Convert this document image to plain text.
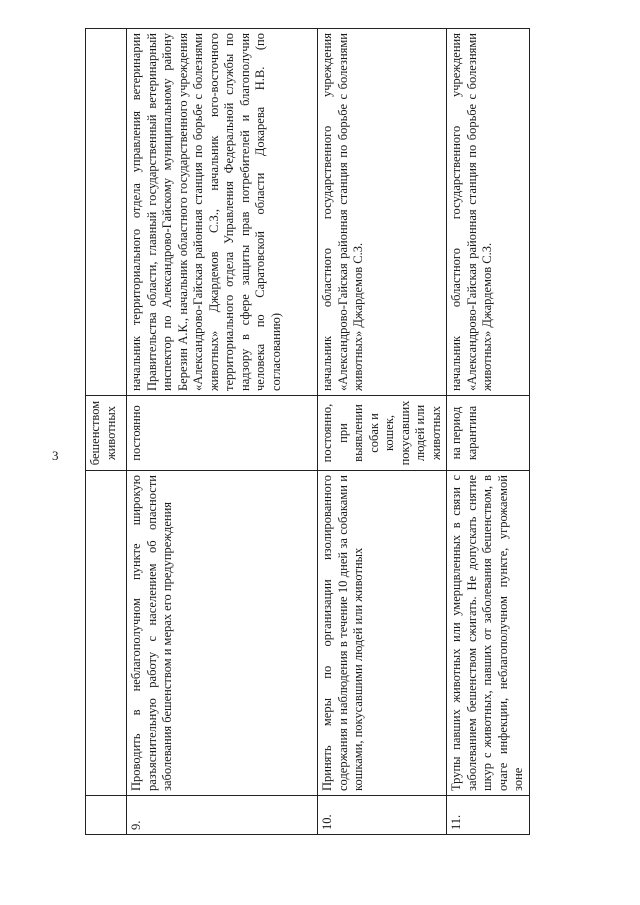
3
		бешенством животных	
9.	Проводить в неблагополучном пункте широкую разъяснительную работу с населением об опасности заболевания бешенством и мерах его предупреждения	постоянно	начальник территориального отдела управления ветеринарии Правительства области, главный государственный ветеринарный инспектор по Александрово-Гайскому муниципальному району Березин А.К., начальник областного государственного учреждения «Александрово-Гайская районная станция по борьбе с болезнями животных» Джардемов С.З., начальник юго-восточного территориального отдела Управления Федеральной службы по надзору в сфере защиты прав потребителей и благополучия человека по Саратовской области Докарева Н.В. (по согласованию)
10.	Принять меры по организации изолированного содержания и наблюдения в течение 10 дней за собаками и кошками, покусавшими людей или животных	постоянно, при выявлении собак и кошек, покусавших людей или животных	начальник областного государственного учреждения «Александрово-Гайская районная станция по борьбе с болезнями животных» Джардемов С.З.
11.	Трупы павших животных или умерщвленных в связи с заболеванием бешенством сжигать. Не допускать снятие шкур с животных, павших от заболевания бешенством, в очаге инфекции, неблагополучном пункте, угрожаемой зоне	на период карантина	начальник областного государственного учреждения «Александрово-Гайская районная станция по борьбе с болезнями животных» Джардемов С.З.
